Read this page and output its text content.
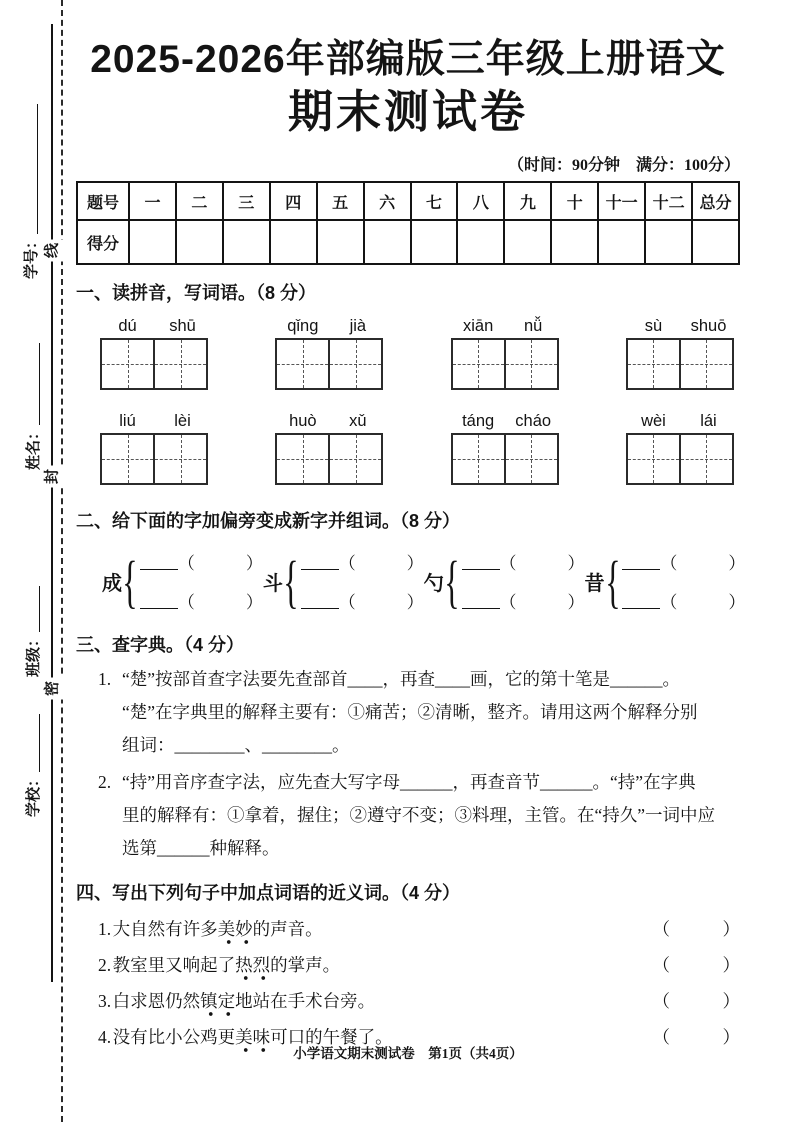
学号：
姓名：
班级：
学校：
线
封
密
2025-2026年部编版三年级上册语文
期末测试卷
（时间：90分钟　满分：100分）
题号	一	二	三	四	五	六	七	八	九	十	十一	十二	总分
得分													
一、读拼音，写词语。（8 分）
dú	shū	qǐng	jià	xiān	nǚ	sù	shuō
liú	lèi	huò	xǔ	táng	cháo	wèi	lái
二、给下面的字加偏旁变成新字并组词。（8 分）
成 {	（　　　）
（　　　）
斗 {	（　　　）
（　　　）
勺 {	（　　　）
（　　　）
昔 {	（　　　）
（　　　）
三、查字典。（4 分）
1. “楚”按部首查字法要先查部首____，再查____画，它的第十笔是______。
“楚”在字典里的解释主要有：①痛苦；②清晰，整齐。请用这两个解释分别
组词：________、________。
2. “持”用音序查字法，应先查大写字母______，再查音节______。“持”在字典
里的解释有：①拿着，握住；②遵守不变；③料理，主管。在“持久”一词中应
选第______种解释。
四、写出下列句子中加点词语的近义词。（4 分）
1. 大自然有许多美妙的声音。	（　　　）
2. 教室里又响起了热烈的掌声。	（　　　）
3. 白求恩仍然镇定地站在手术台旁。	（　　　）
4. 没有比小公鸡更美味可口的午餐了。	（　　　）
小学语文期末测试卷　第1页（共4页）
